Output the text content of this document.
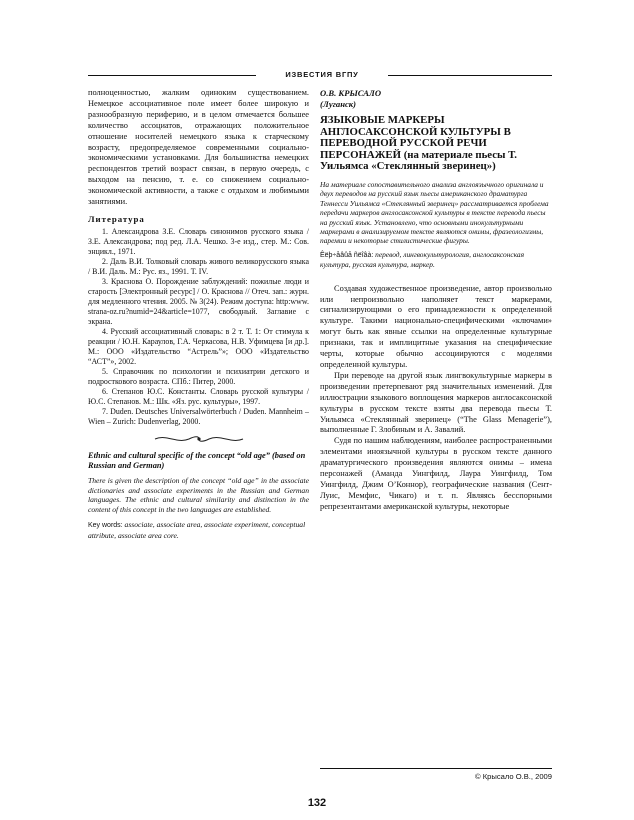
ИЗВЕСТИЯ ВГПУ

полноценностью, жалким одиноким существованием. Немецкое ассоциативное поле имеет более широкую и разнообразную периферию, и в целом отмечается большее количество ассоциатов, отражающих положительное отношение носителей немецкого языка к старческому возрасту, предопределяемое современными социально-экономическими установками. Для большинства немецких респондентов третий возраст связан, в первую очередь, с выходом на пенсию, т. е. со снижением социально-экономической активности, а также с отдыхом и любимыми занятиями.

Литература

1. Александрова З.Е. Словарь синонимов русского языка / З.Е. Александрова; под ред. Л.А. Чешко. 3-е изд., стер. М.: Сов. энцикл., 1971.

2. Даль В.И. Толковый словарь живого великорусского языка / В.И. Даль. М.: Рус. яз., 1991. Т. IV.

3. Краснова О. Порождение заблуждений: пожилые люди и старость [Электронный ресурс] / О. Краснова // Отеч. зап.: журн. для медленного чтения. 2005. № 3(24). Режим доступа: http:www. strana-oz.ru?numid=24&article=1077, свободный. Заглавие с экрана.

4. Русский ассоциативный словарь: в 2 т. Т. 1: От стимула к реакции / Ю.Н. Караулов, Г.А. Черкасова, Н.В. Уфимцева [и др.]. М.: ООО «Издательство “Астрель”»; ООО «Издательство “АСТ”», 2002.

5. Справочник по психологии и психиатрии детского и подросткового возраста. СПб.: Питер, 2000.

6. Степанов Ю.С. Константы. Словарь русской культуры / Ю.С. Степанов. М.: Шк. «Яз. рус. культуры», 1997.

7. Duden. Deutsches Universalwörterbuch / Duden. Mannheim – Wien – Zurich: Dudenverlag, 2000.

Ethnic and cultural specific of the concept “old age” (based on Russian and German)
There is given the description of the concept “old age” in the associate dictionaries and associate experiments in the Russian and German languages. The ethnic and cultural similarity and distinction in the content of this concept in the two languages are established.
Key words: associate, associate area, associate experiment, conceptual attribute, associate area core.
О.В. КРЫСАЛО
(Луганск)
ЯЗЫКОВЫЕ МАРКЕРЫ АНГЛОСАКСОНСКОЙ КУЛЬТУРЫ В ПЕРЕВОДНОЙ РУССКОЙ РЕЧИ ПЕРСОНАЖЕЙ (на материале пьесы Т. Уильямса «Стеклянный зверинец»)
На материале сопоставительного анализа англоязычного оригинала и двух переводов на русский язык пьесы американского драматурга Теннесси Уильямса «Стеклянный зверинец» рассматривается проблема передачи маркеров англосаксонской культуры в тексте перевода пьесы на русский язык. Установлено, что основными инокультурными маркерами в анализируемом тексте являются онимы, фразеологизмы, паремии и некоторые стилистические фигуры.
Êëþ÷åâûå ñëîâà: перевод, лингвокультурология, англосаксонская культура, русская культура, маркер.

Создавая художественное произведение, автор произвольно или непроизвольно наполняет текст маркерами, сигнализирующими о его принадлежности к определенной культуре. Такими национально-специфическими «ключами» могут быть как явные ссылки на определенные культурные признаки, так и имплицитные указания на специфические черты, которые обычно ассоциируются с моделями определенной культуры.

При переводе на другой язык лингвокультурные маркеры в произведении претерпевают ряд значительных изменений. Для иллюстрации языкового воплощения маркеров англосаксонской культуры в русском тексте взяты два перевода пьесы Т. Уильямса «Стеклянный зверинец» (“The Glass Menagerie”), выполненные Г. Злобиным и А. Завалий.

Судя по нашим наблюдениям, наиболее распространенными элементами иноязычной культуры в русском тексте данного драматургического произведения являются онимы – имена персонажей (Аманда Уингфилд, Лаура Уингфилд, Том Уингфилд, Джим О’Коннор), географические названия (Сент-Луис, Мемфис, Чикаго) и т. п. Являясь бесспорными репрезентантами американской культуры, некоторые

© Крысало О.В., 2009
132
